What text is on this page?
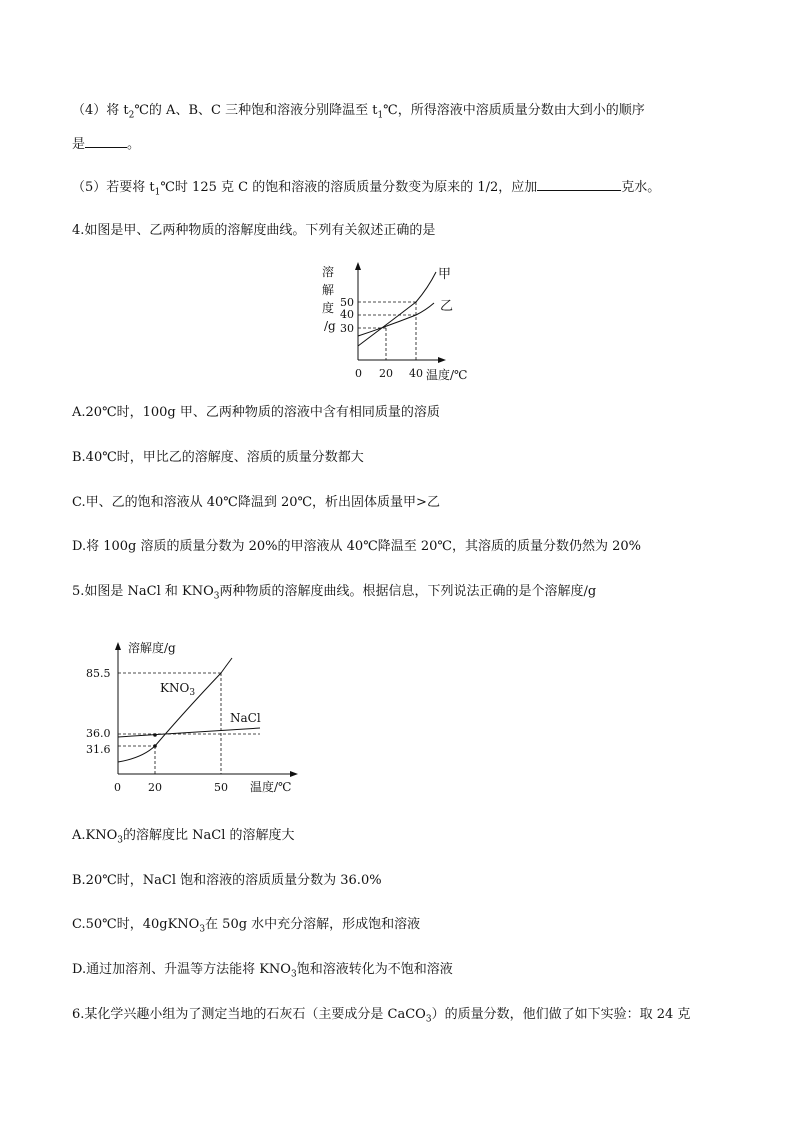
（4）将 $t_2℃$的 A、B、C 三种饱和溶液分别降温至 $t_1℃$，所得溶液中溶质质量分数由大到小的顺序
是	。
（5）若要将 $t_1℃$时 125 克 C 的饱和溶液的溶质质量分数变为原来的 1/2，应加	克水。
4.如图是甲、乙两种物质的溶解度曲线。下列有关叙述正确的是
溶
解
度
/g
50
40
30
甲
乙
0 20 40 温度/℃
A.20℃时，100g 甲、乙两种物质的溶液中含有相同质量的溶质
B.40℃时，甲比乙的溶解度、溶质的质量分数都大
C.甲、乙的饱和溶液从 40℃降温到 20℃，析出固体质量甲>乙
D.将 100g 溶质的质量分数为 20%的甲溶液从 40℃降温至 20℃，其溶质的质量分数仍然为 20%
5.如图是 NaCl 和 $KNO_3$两种物质的溶解度曲线。根据信息，下列说法正确的是个溶解度/g
溶解度/g
85.5
36.0
31.6
$KNO_3$
NaCl
0 20	50 温度/℃
$A.KNO_3$的溶解度比 NaCl 的溶解度大
B.20℃时，NaCl 饱和溶液的溶质质量分数为 36.0%
C.50℃时，40gKNO$_3$在 50g 水中充分溶解，形成饱和溶液
D.通过加溶剂、升温等方法能将 $KNO_3$饱和溶液转化为不饱和溶液
6.某化学兴趣小组为了测定当地的石灰石（主要成分是 CaCO$_3$）的质量分数，他们做了如下实验：取 24 克
